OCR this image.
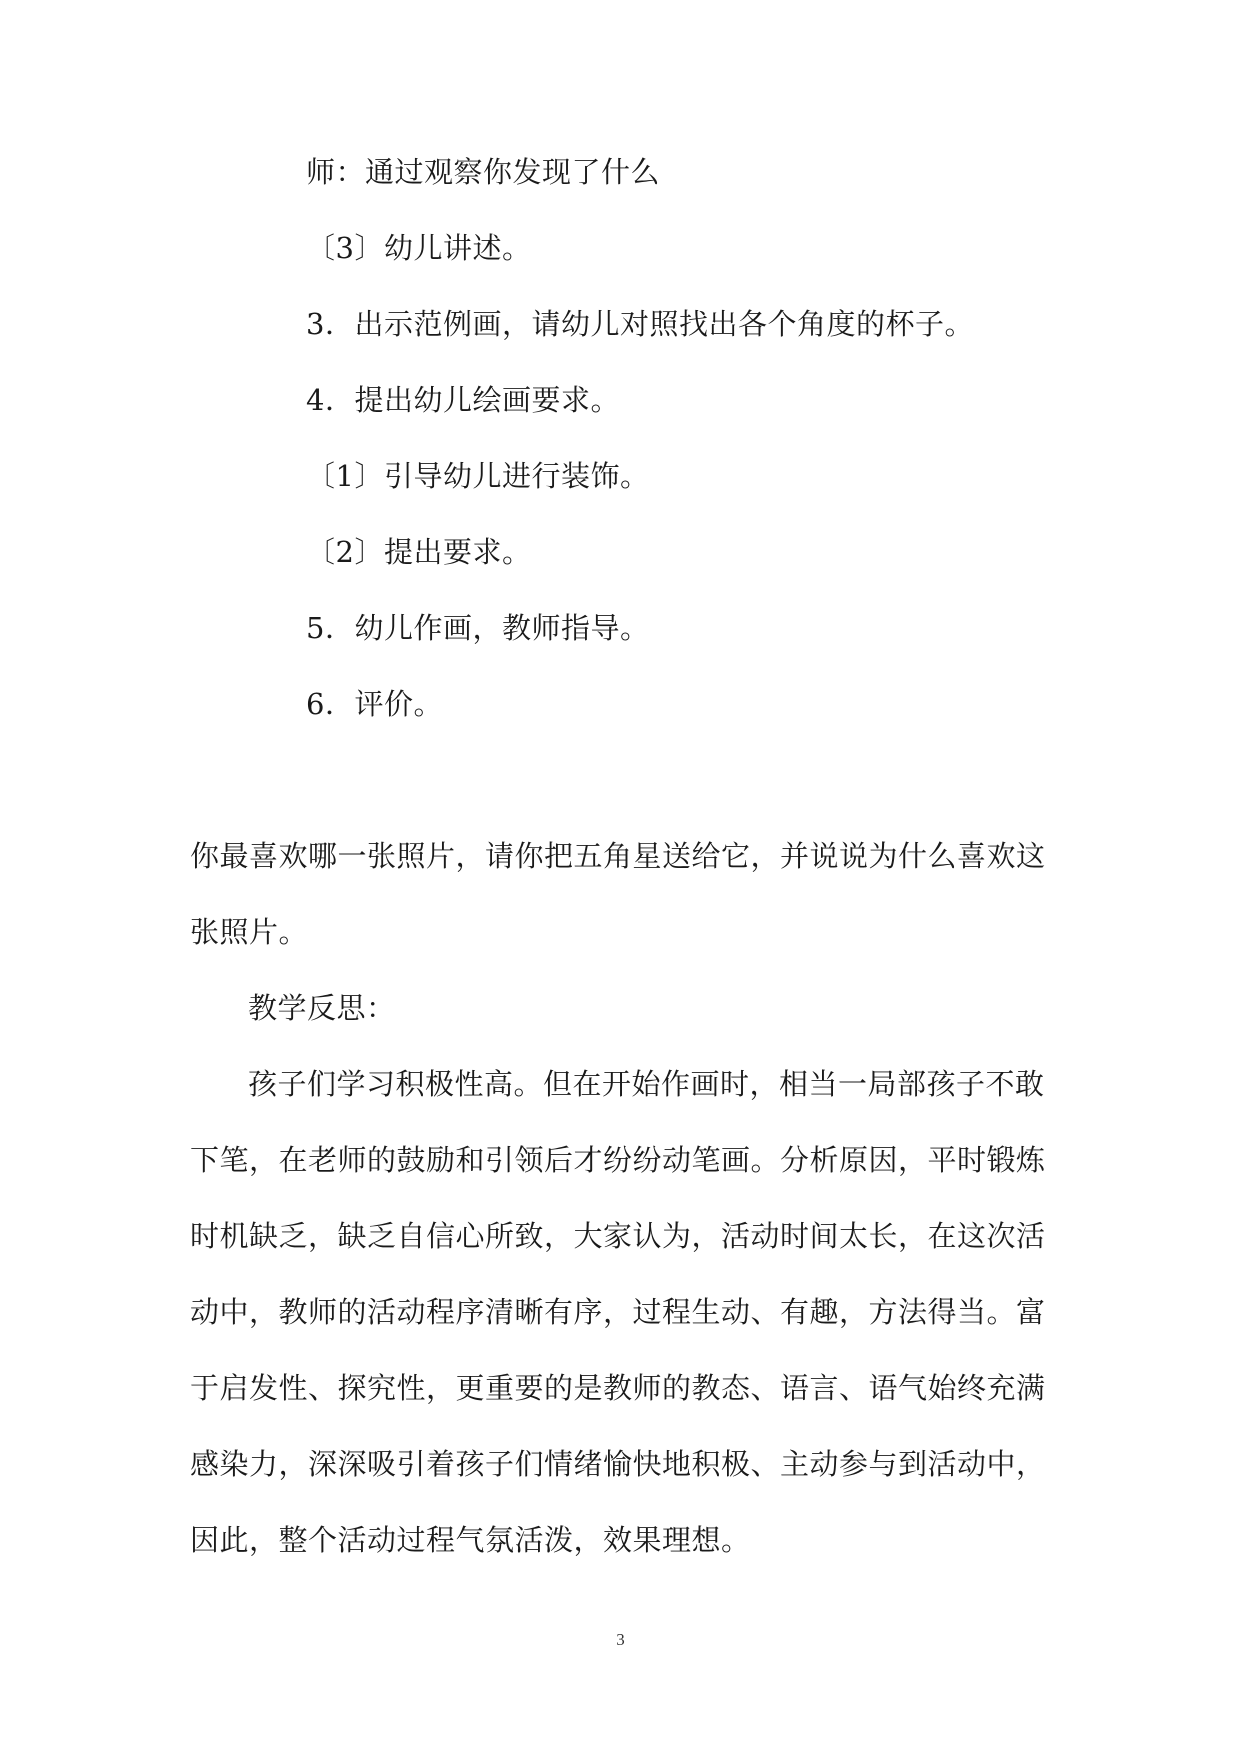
师：通过观察你发现了什么
〔3〕幼儿讲述。
3．出示范例画，请幼儿对照找出各个角度的杯子。
4．提出幼儿绘画要求。
〔1〕引导幼儿进行装饰。
〔2〕提出要求。
5．幼儿作画，教师指导。
6．评价。
你最喜欢哪一张照片，请你把五角星送给它，并说说为什么喜欢这
张照片。
教学反思：
孩子们学习积极性高。但在开始作画时，相当一局部孩子不敢
下笔，在老师的鼓励和引领后才纷纷动笔画。分析原因，平时锻炼
时机缺乏，缺乏自信心所致，大家认为，活动时间太长，在这次活
动中，教师的活动程序清晰有序，过程生动、有趣，方法得当。富
于启发性、探究性，更重要的是教师的教态、语言、语气始终充满
感染力，深深吸引着孩子们情绪愉快地积极、主动参与到活动中，
因此，整个活动过程气氛活泼，效果理想。
3
